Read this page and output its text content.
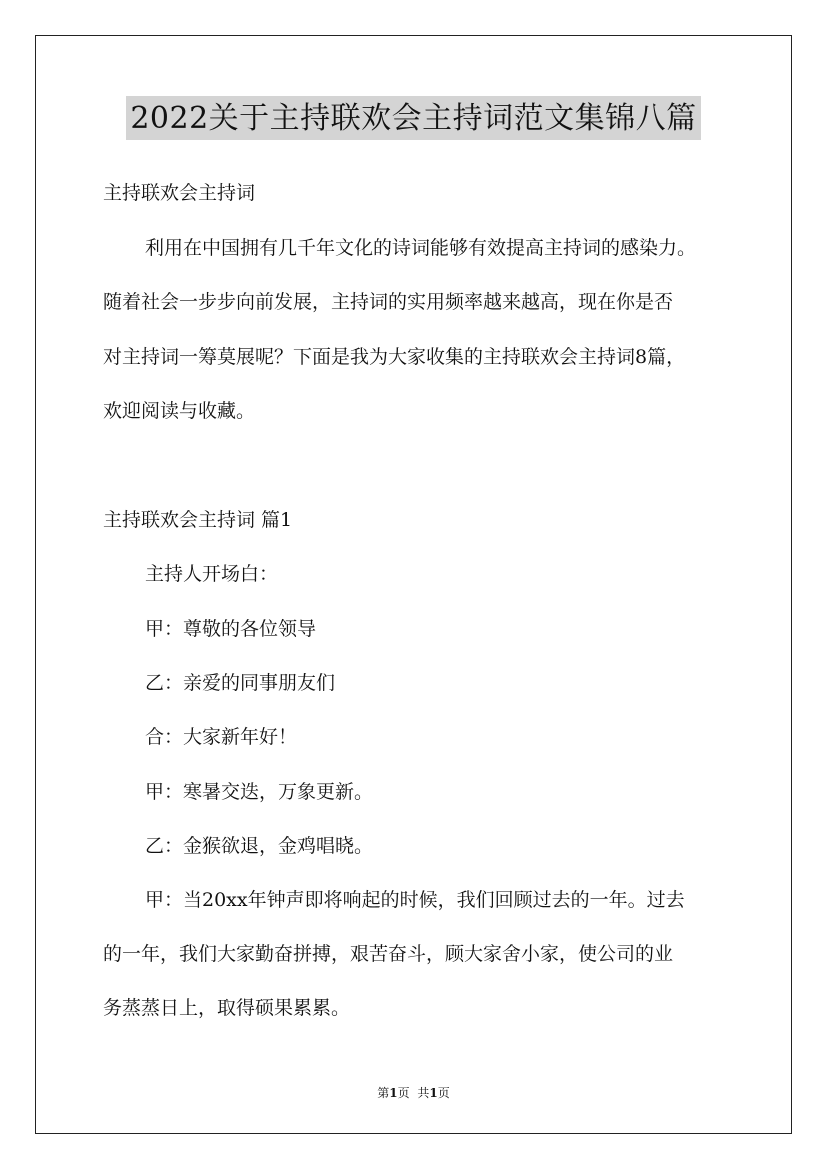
2022关于主持联欢会主持词范文集锦八篇
主持联欢会主持词
利用在中国拥有几千年文化的诗词能够有效提高主持词的感染力。
随着社会一步步向前发展，主持词的实用频率越来越高，现在你是否
对主持词一筹莫展呢？下面是我为大家收集的主持联欢会主持词8篇，
欢迎阅读与收藏。
主持联欢会主持词 篇1
主持人开场白：
甲：尊敬的各位领导
乙：亲爱的同事朋友们
合：大家新年好！
甲：寒暑交迭，万象更新。
乙：金猴欲退，金鸡唱晓。
甲：当20xx年钟声即将响起的时候，我们回顾过去的一年。过去
的一年，我们大家勤奋拼搏，艰苦奋斗，顾大家舍小家，使公司的业
务蒸蒸日上，取得硕果累累。
第1页 共1页
